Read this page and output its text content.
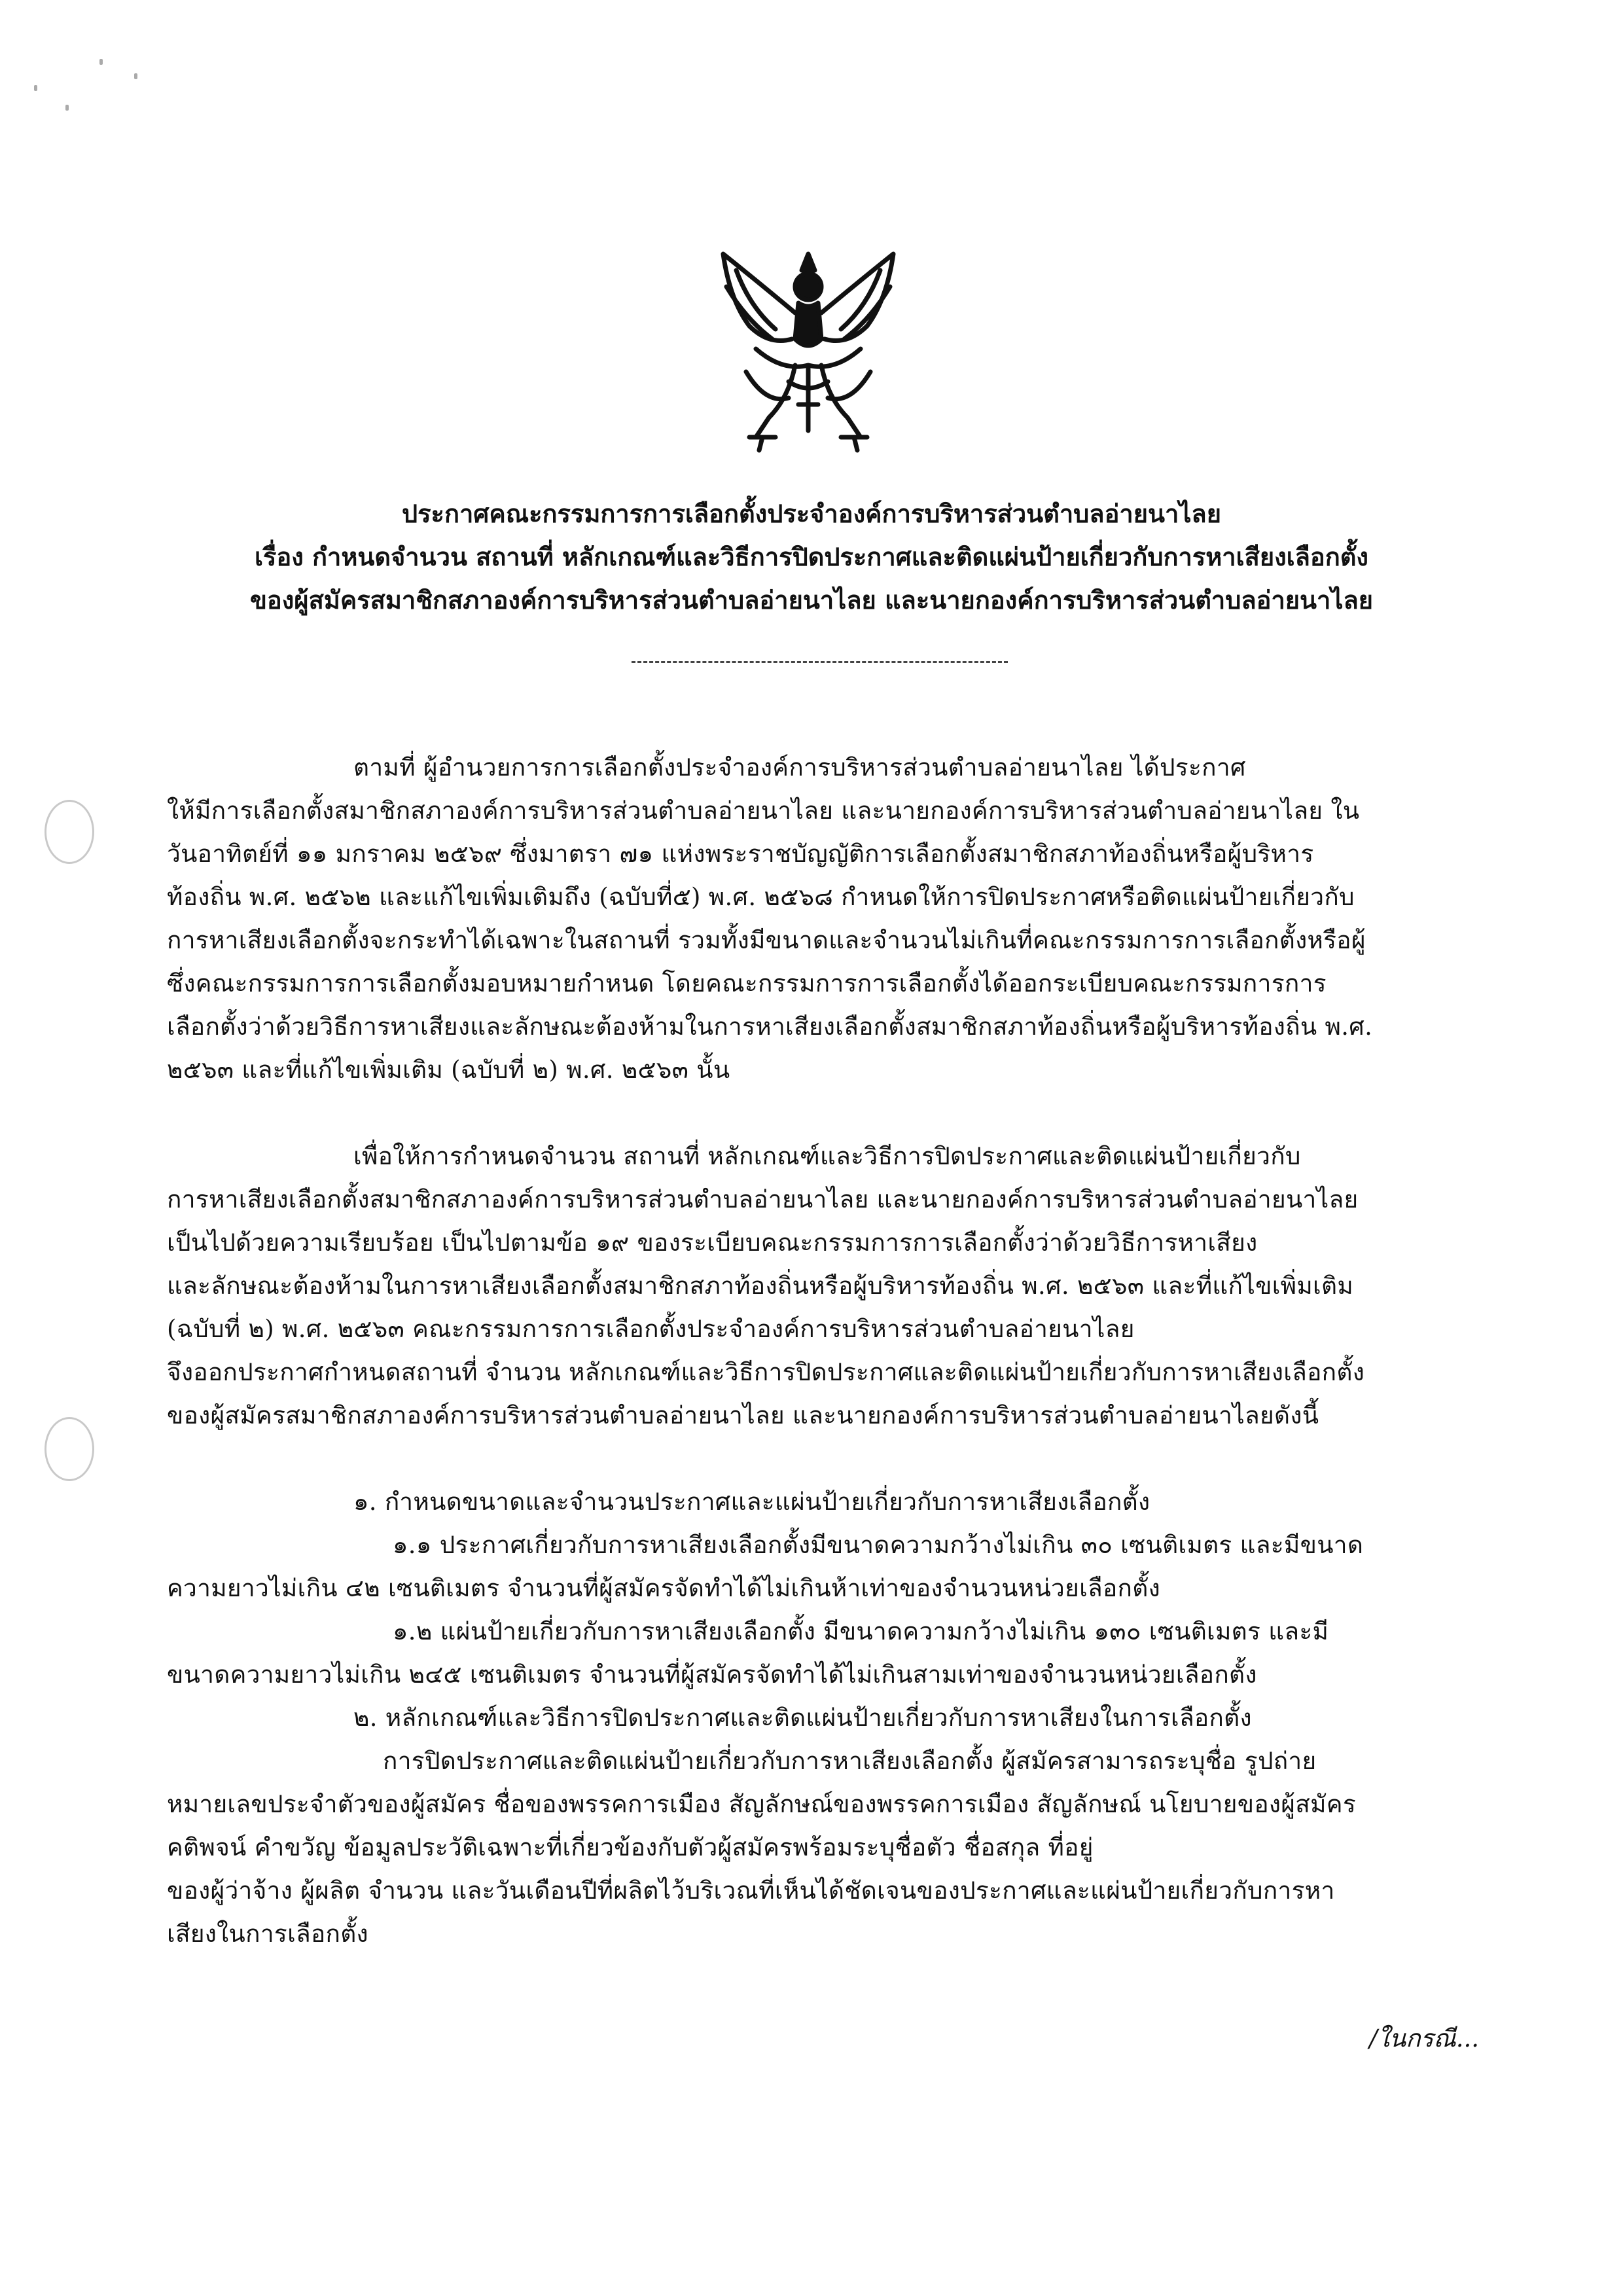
ประกาศคณะกรรมการการเลือกตั้งประจำองค์การบริหารส่วนตำบลอ่ายนาไลย
เรื่อง กำหนดจำนวน สถานที่ หลักเกณฑ์และวิธีการปิดประกาศและติดแผ่นป้ายเกี่ยวกับการหาเสียงเลือกตั้ง
ของผู้สมัครสมาชิกสภาองค์การบริหารส่วนตำบลอ่ายนาไลย และนายกองค์การบริหารส่วนตำบลอ่ายนาไลย
ตามที่ ผู้อำนวยการการเลือกตั้งประจำองค์การบริหารส่วนตำบลอ่ายนาไลย ได้ประกาศ
ให้มีการเลือกตั้งสมาชิกสภาองค์การบริหารส่วนตำบลอ่ายนาไลย และนายกองค์การบริหารส่วนตำบลอ่ายนาไลย ใน
วันอาทิตย์ที่ ๑๑ มกราคม ๒๕๖๙ ซึ่งมาตรา ๗๑ แห่งพระราชบัญญัติการเลือกตั้งสมาชิกสภาท้องถิ่นหรือผู้บริหาร
ท้องถิ่น พ.ศ. ๒๕๖๒ และแก้ไขเพิ่มเติมถึง (ฉบับที่๕) พ.ศ. ๒๕๖๘ กำหนดให้การปิดประกาศหรือติดแผ่นป้ายเกี่ยวกับ
การหาเสียงเลือกตั้งจะกระทำได้เฉพาะในสถานที่ รวมทั้งมีขนาดและจำนวนไม่เกินที่คณะกรรมการการเลือกตั้งหรือผู้
ซึ่งคณะกรรมการการเลือกตั้งมอบหมายกำหนด โดยคณะกรรมการการเลือกตั้งได้ออกระเบียบคณะกรรมการการ
เลือกตั้งว่าด้วยวิธีการหาเสียงและลักษณะต้องห้ามในการหาเสียงเลือกตั้งสมาชิกสภาท้องถิ่นหรือผู้บริหารท้องถิ่น พ.ศ.
๒๕๖๓ และที่แก้ไขเพิ่มเติม (ฉบับที่ ๒) พ.ศ. ๒๕๖๓ นั้น
เพื่อให้การกำหนดจำนวน สถานที่ หลักเกณฑ์และวิธีการปิดประกาศและติดแผ่นป้ายเกี่ยวกับ
การหาเสียงเลือกตั้งสมาชิกสภาองค์การบริหารส่วนตำบลอ่ายนาไลย และนายกองค์การบริหารส่วนตำบลอ่ายนาไลย
เป็นไปด้วยความเรียบร้อย เป็นไปตามข้อ ๑๙ ของระเบียบคณะกรรมการการเลือกตั้งว่าด้วยวิธีการหาเสียง
และลักษณะต้องห้ามในการหาเสียงเลือกตั้งสมาชิกสภาท้องถิ่นหรือผู้บริหารท้องถิ่น พ.ศ. ๒๕๖๓ และที่แก้ไขเพิ่มเติม
(ฉบับที่ ๒) พ.ศ. ๒๕๖๓ คณะกรรมการการเลือกตั้งประจำองค์การบริหารส่วนตำบลอ่ายนาไลย
จึงออกประกาศกำหนดสถานที่ จำนวน หลักเกณฑ์และวิธีการปิดประกาศและติดแผ่นป้ายเกี่ยวกับการหาเสียงเลือกตั้ง
ของผู้สมัครสมาชิกสภาองค์การบริหารส่วนตำบลอ่ายนาไลย และนายกองค์การบริหารส่วนตำบลอ่ายนาไลยดังนี้
๑. กำหนดขนาดและจำนวนประกาศและแผ่นป้ายเกี่ยวกับการหาเสียงเลือกตั้ง
๑.๑ ประกาศเกี่ยวกับการหาเสียงเลือกตั้งมีขนาดความกว้างไม่เกิน ๓๐ เซนติเมตร และมีขนาด
ความยาวไม่เกิน ๔๒ เซนติเมตร จำนวนที่ผู้สมัครจัดทำได้ไม่เกินห้าเท่าของจำนวนหน่วยเลือกตั้ง
๑.๒ แผ่นป้ายเกี่ยวกับการหาเสียงเลือกตั้ง มีขนาดความกว้างไม่เกิน ๑๓๐ เซนติเมตร และมี
ขนาดความยาวไม่เกิน ๒๔๕ เซนติเมตร จำนวนที่ผู้สมัครจัดทำได้ไม่เกินสามเท่าของจำนวนหน่วยเลือกตั้ง
๒. หลักเกณฑ์และวิธีการปิดประกาศและติดแผ่นป้ายเกี่ยวกับการหาเสียงในการเลือกตั้ง
การปิดประกาศและติดแผ่นป้ายเกี่ยวกับการหาเสียงเลือกตั้ง ผู้สมัครสามารถระบุชื่อ รูปถ่าย
หมายเลขประจำตัวของผู้สมัคร ชื่อของพรรคการเมือง สัญลักษณ์ของพรรคการเมือง สัญลักษณ์ นโยบายของผู้สมัคร
คติพจน์ คำขวัญ ข้อมูลประวัติเฉพาะที่เกี่ยวข้องกับตัวผู้สมัครพร้อมระบุชื่อตัว ชื่อสกุล ที่อยู่
ของผู้ว่าจ้าง ผู้ผลิต จำนวน และวันเดือนปีที่ผลิตไว้บริเวณที่เห็นได้ชัดเจนของประกาศและแผ่นป้ายเกี่ยวกับการหา
เสียงในการเลือกตั้ง
/ในกรณี...
